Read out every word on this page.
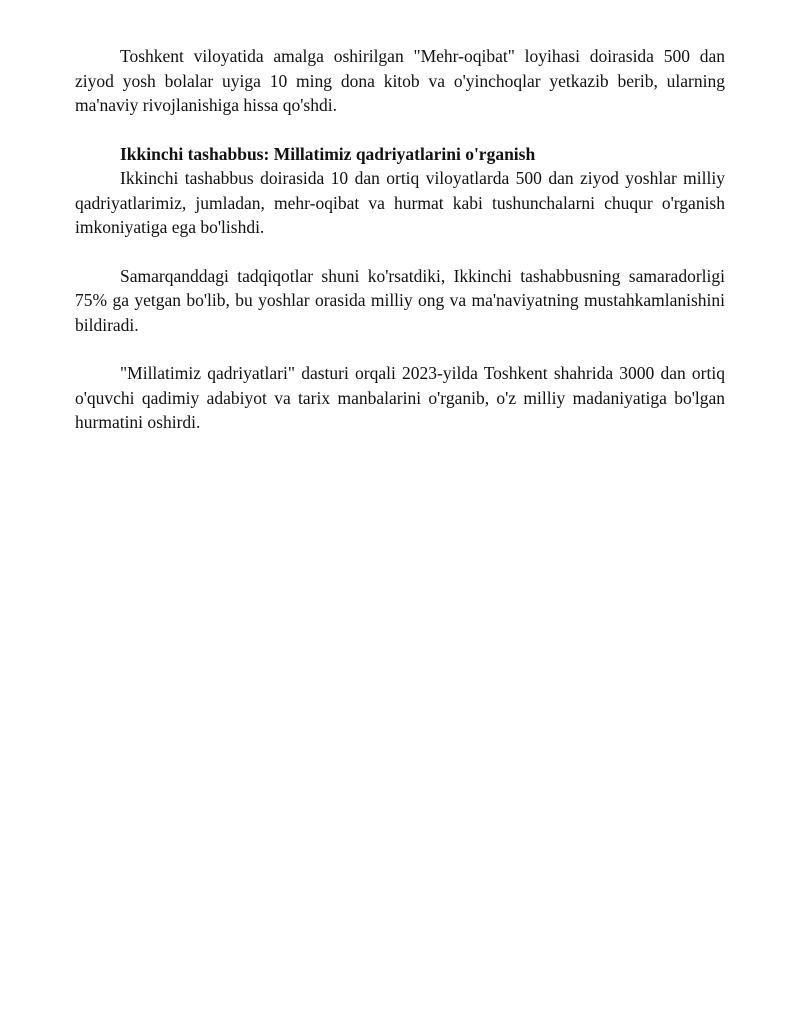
Toshkent viloyatida amalga oshirilgan "Mehr-oqibat" loyihasi doirasida 500 dan ziyod yosh bolalar uyiga 10 ming dona kitob va o'yinchoqlar yetkazib berib, ularning ma'naviy rivojlanishiga hissa qo'shdi.

Ikkinchi tashabbus: Millatimiz qadriyatlarini o'rganish

Ikkinchi tashabbus doirasida 10 dan ortiq viloyatlarda 500 dan ziyod yoshlar milliy qadriyatlarimiz, jumladan, mehr-oqibat va hurmat kabi tushunchalarni chuqur o'rganish imkoniyatiga ega bo'lishdi.

Samarqanddagi tadqiqotlar shuni ko'rsatdiki, Ikkinchi tashabbusning samaradorligi 75% ga yetgan bo'lib, bu yoshlar orasida milliy ong va ma'naviyatning mustahkamlanishini bildiradi.

"Millatimiz qadriyatlari" dasturi orqali 2023-yilda Toshkent shahrida 3000 dan ortiq o'quvchi qadimiy adabiyot va tarix manbalarini o'rganib, o'z milliy madaniyatiga bo'lgan hurmatini oshirdi.
